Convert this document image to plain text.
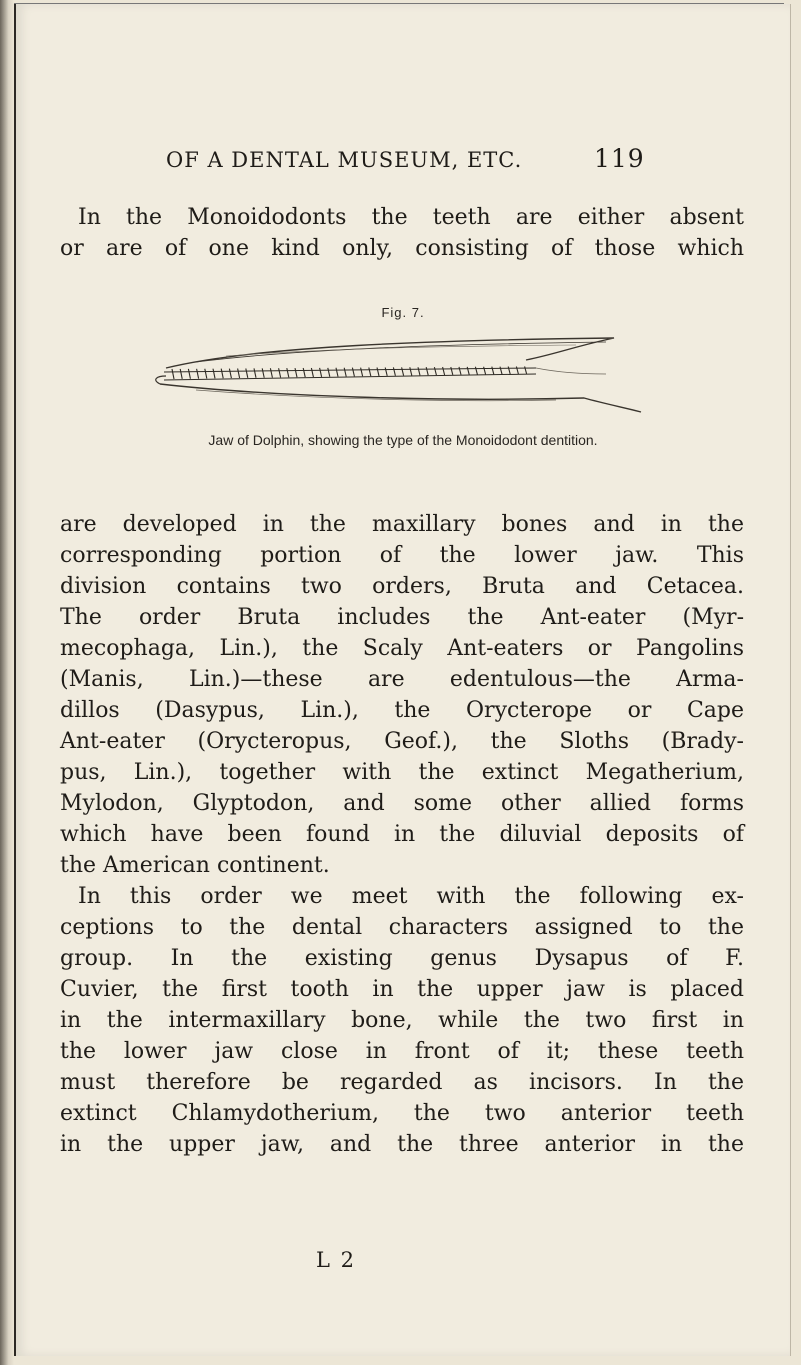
OF A DENTAL MUSEUM, ETC.	119
In the Monoidodonts the teeth are either absent
or are of one kind only, consisting of those which
Fig. 7.
Jaw of Dolphin, showing the type of the Monoidodont dentition.
are developed in the maxillary bones and in the
corresponding portion of the lower jaw. This
division contains two orders, Bruta and Cetacea.
The order Bruta includes the Ant-eater (Myr-
mecophaga, Lin.), the Scaly Ant-eaters or Pangolins
(Manis, Lin.)—these are edentulous—the Arma-
dillos (Dasypus, Lin.), the Orycterope or Cape
Ant-eater (Orycteropus, Geof.), the Sloths (Brady-
pus, Lin.), together with the extinct Megatherium,
Mylodon, Glyptodon, and some other allied forms
which have been found in the diluvial deposits of
the American continent.
In this order we meet with the following ex-
ceptions to the dental characters assigned to the
group. In the existing genus Dysapus of F.
Cuvier, the first tooth in the upper jaw is placed
in the intermaxillary bone, while the two first in
the lower jaw close in front of it; these teeth
must therefore be regarded as incisors. In the
extinct Chlamydotherium, the two anterior teeth
in the upper jaw, and the three anterior in the
L 2
